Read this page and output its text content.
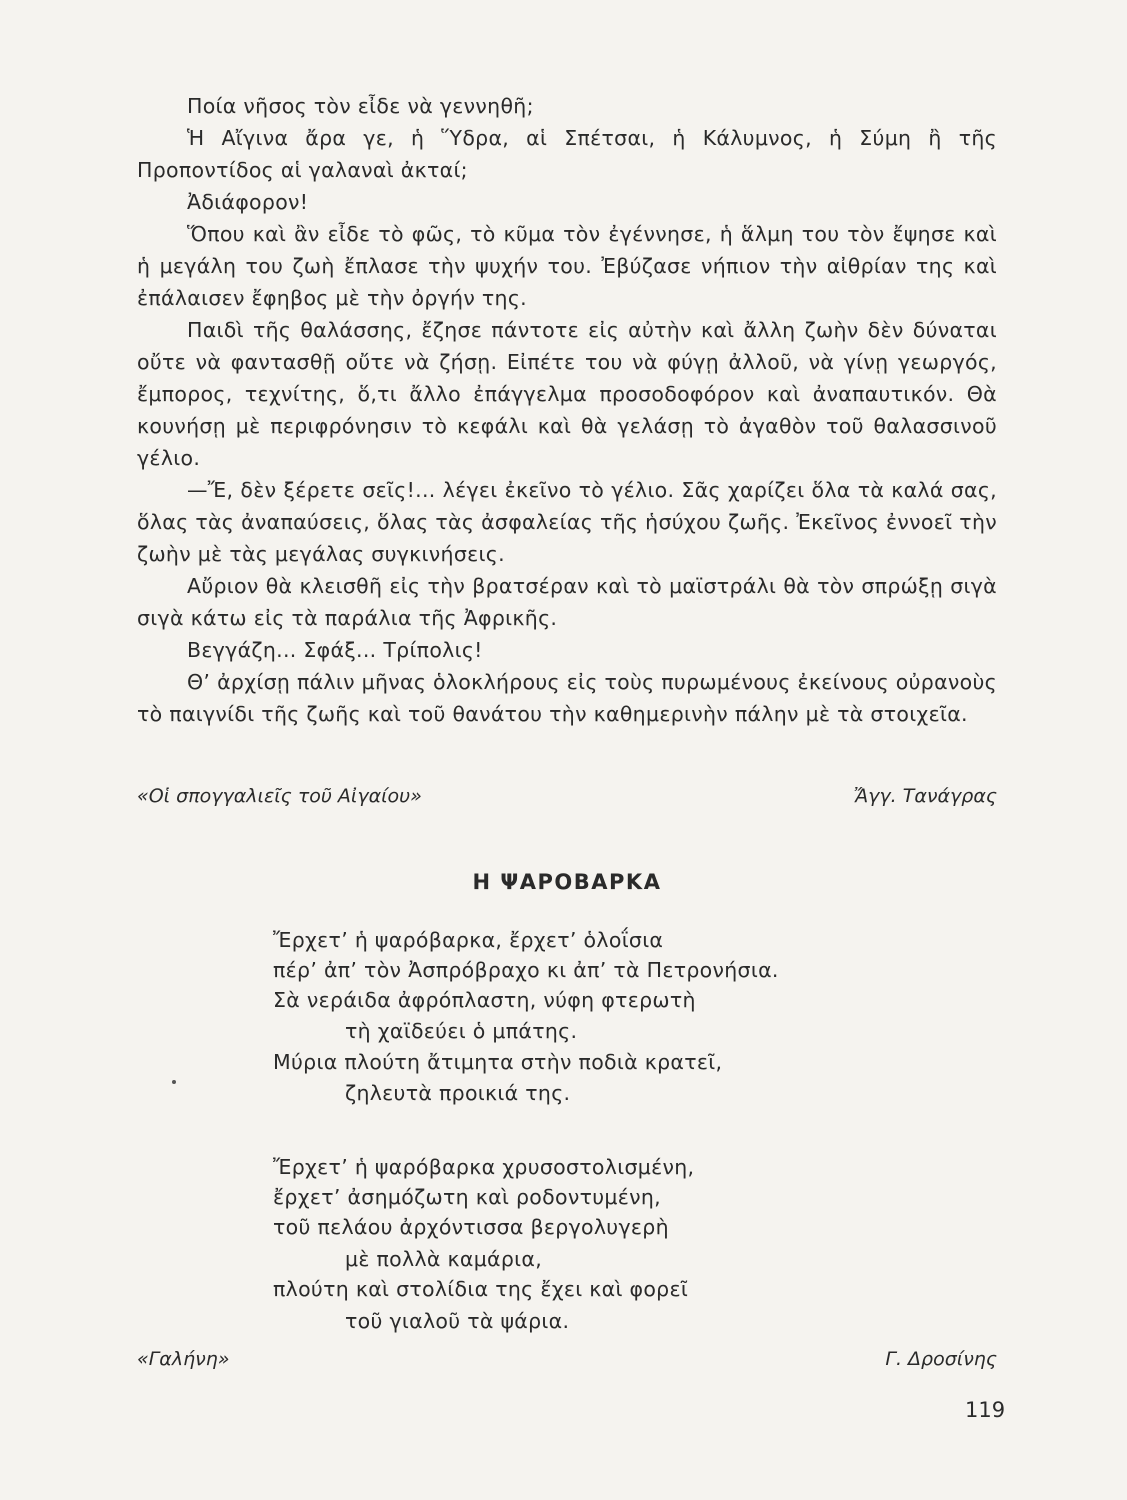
Ποία νῆσος τὸν εἶδε νὰ γεννηθῆ;

Ἡ Αἴγινα ἄρα γε, ἡ Ὕδρα, αἱ Σπέτσαι, ἡ Κάλυμνος, ἡ Σύμη ἢ τῆς Προποντίδος αἱ γαλαναὶ ἀκταί;

Ἀδιάφορον!

Ὅπου καὶ ἂν εἶδε τὸ φῶς, τὸ κῦμα τὸν ἐγέννησε, ἡ ἅλμη του τὸν ἔψησε καὶ ἡ μεγάλη του ζωὴ ἔπλασε τὴν ψυχήν του. Ἐβύζασε νήπιον τὴν αἰθρίαν της καὶ ἐπάλαισεν ἔφηβος μὲ τὴν ὀργήν της.

Παιδὶ τῆς θαλάσσης, ἔζησε πάντοτε εἰς αὐτὴν καὶ ἄλλη ζωὴν δὲν δύναται οὔτε νὰ φαντασθῇ οὔτε νὰ ζήσῃ. Εἰπέτε του νὰ φύγῃ ἀλλοῦ, νὰ γίνῃ γεωργός, ἔμπορος, τεχνίτης, ὅ,τι ἄλλο ἐπάγγελμα προσοδοφόρον καὶ ἀναπαυτικόν. Θὰ κουνήσῃ μὲ περιφρόνησιν τὸ κεφάλι καὶ θὰ γελάσῃ τὸ ἀγαθὸν τοῦ θαλασσινοῦ γέλιο.

—Ἔ, δὲν ξέρετε σεῖς!... λέγει ἐκεῖνο τὸ γέλιο. Σᾶς χαρίζει ὅλα τὰ καλά σας, ὅλας τὰς ἀναπαύσεις, ὅλας τὰς ἀσφαλείας τῆς ἡσύχου ζωῆς. Ἐκεῖνος ἐννοεῖ τὴν ζωὴν μὲ τὰς μεγάλας συγκινήσεις.

Αὔριον θὰ κλεισθῆ εἰς τὴν βρατσέραν καὶ τὸ μαϊστράλι θὰ τὸν σπρώξῃ σιγὰ σιγὰ κάτω εἰς τὰ παράλια τῆς Ἀφρικῆς.

Βεγγάζη... Σφάξ... Τρίπολις!

Θ’ ἀρχίσῃ πάλιν μῆνας ὁλοκλήρους εἰς τοὺς πυρωμένους ἐκείνους οὐρανοὺς τὸ παιγνίδι τῆς ζωῆς καὶ τοῦ θανάτου τὴν καθημερινὴν πάλην μὲ τὰ στοιχεῖα.

«Οἱ σπογγαλιεῖς τοῦ Αἰγαίου»	Ἄγγ. Τανάγρας
Η ΨΑΡΟΒΑΡΚΑ
Ἔρχετ’ ἡ ψαρόβαρκα, ἔρχετ’ ὁλοΐσια
πέρ’ ἀπ’ τὸν Ἀσπρόβραχο κι ἀπ’ τὰ Πετρονήσια.
Σὰ νεράιδα ἀφρόπλαστη, νύφη φτερωτὴ
τὴ χαϊδεύει ὁ μπάτης.
Μύρια πλούτη ἄτιμητα στὴν ποδιὰ κρατεῖ,
ζηλευτὰ προικιά της.
Ἔρχετ’ ἡ ψαρόβαρκα χρυσοστολισμένη,
ἔρχετ’ ἀσημόζωτη καὶ ροδοντυμένη,
τοῦ πελάου ἀρχόντισσα βεργολυγερὴ
μὲ πολλὰ καμάρια,
πλούτη καὶ στολίδια της ἔχει καὶ φορεῖ
τοῦ γιαλοῦ τὰ ψάρια.
«Γαλήνη»	Γ. Δροσίνης
119
